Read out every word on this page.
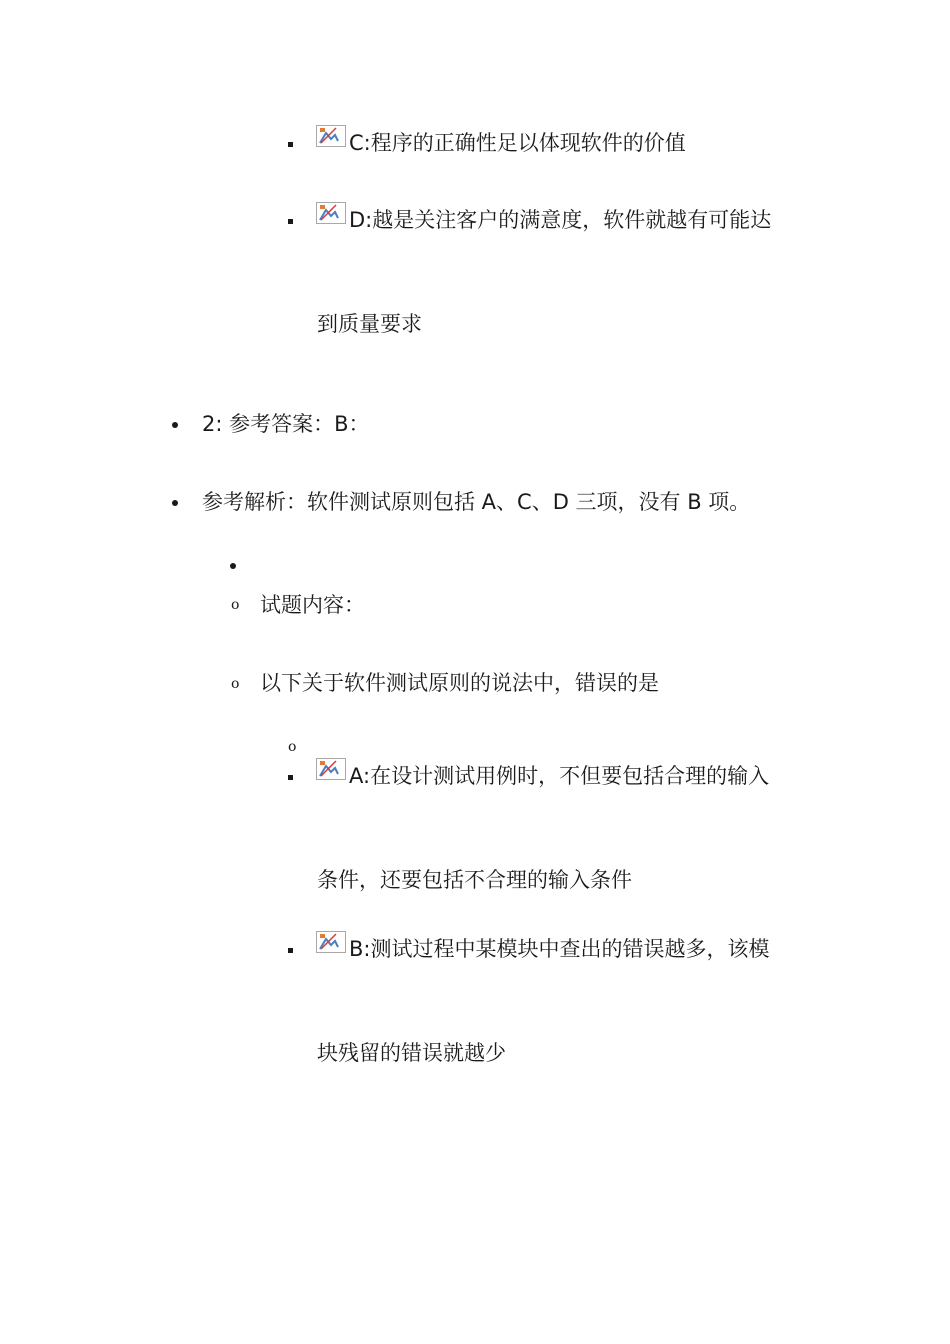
C:程序的正确性足以体现软件的价值
D:越是关注客户的满意度，软件就越有可能达
到质量要求
2: 参考答案：B：
参考解析：软件测试原则包括 A、C、D 三项，没有 B 项。
o 试题内容：
o 以下关于软件测试原则的说法中，错误的是
o
A:在设计测试用例时，不但要包括合理的输入
条件，还要包括不合理的输入条件
B:测试过程中某模块中查出的错误越多，该模
块残留的错误就越少
